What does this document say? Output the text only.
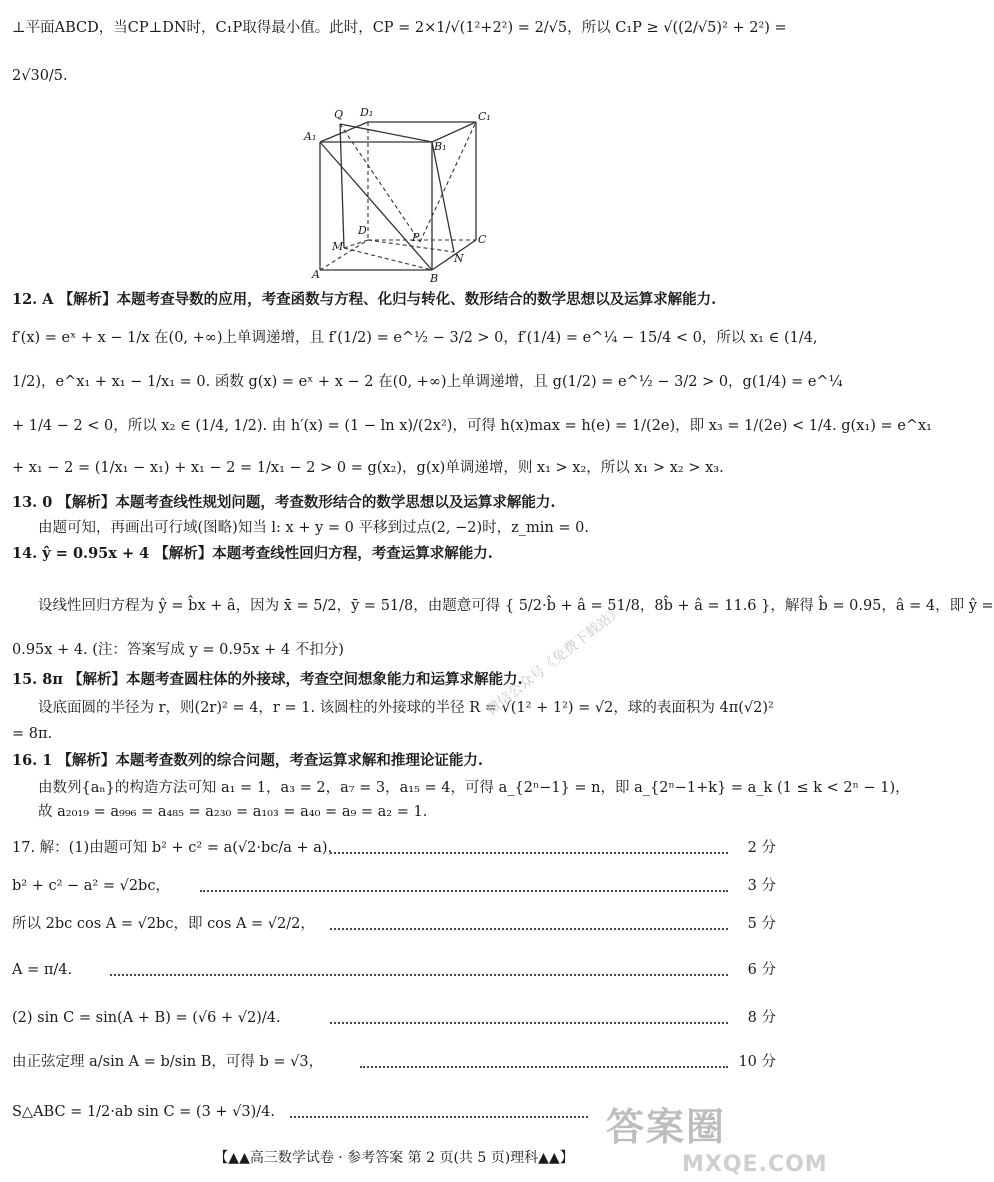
⊥平面ABCD，当CP⊥DN时，C₁P取得最小值。此时，CP = 2×1/√(1²+2²) = 2/√5，所以 C₁P ≥ √((2/√5)² + 2²) =
2√30/5.
A₁
Q D₁	C₁
B₁
M
D
P	C
A	B
N
12. A 【解析】本题考查导数的应用，考查函数与方程、化归与转化、数形结合的数学思想以及运算求解能力.
f′(x) = eˣ + x − 1/x 在(0, +∞)上单调递增，且 f′(1/2) = e^½ − 3/2 > 0，f′(1/4) = e^¼ − 15/4 < 0，所以 x₁ ∈ (1/4,
1/2)，e^x₁ + x₁ − 1/x₁ = 0. 函数 g(x) = eˣ + x − 2 在(0, +∞)上单调递增，且 g(1/2) = e^½ − 3/2 > 0，g(1/4) = e^¼
+ 1/4 − 2 < 0，所以 x₂ ∈ (1/4, 1/2). 由 h′(x) = (1 − ln x)/(2x²)，可得 h(x)max = h(e) = 1/(2e)，即 x₃ = 1/(2e) < 1/4. g(x₁) = e^x₁
+ x₁ − 2 = (1/x₁ − x₁) + x₁ − 2 = 1/x₁ − 2 > 0 = g(x₂)，g(x)单调递增，则 x₁ > x₂，所以 x₁ > x₂ > x₃.
13. 0 【解析】本题考查线性规划问题，考查数形结合的数学思想以及运算求解能力.
由题可知，再画出可行域(图略)知当 l: x + y = 0 平移到过点(2, −2)时，z_min = 0.
14. ŷ = 0.95x + 4 【解析】本题考查线性回归方程，考查运算求解能力.
设线性回归方程为 ŷ = b̂x + â，因为 x̄ = 5/2，ȳ = 51/8，由题意可得 { 5/2·b̂ + â = 51/8，8b̂ + â = 11.6 }，解得 b̂ = 0.95，â = 4，即 ŷ =
0.95x + 4. (注：答案写成 y = 0.95x + 4 不扣分)
15. 8π 【解析】本题考查圆柱体的外接球，考查空间想象能力和运算求解能力.
设底面圆的半径为 r，则(2r)² = 4，r = 1. 该圆柱的外接球的半径 R = √(1² + 1²) = √2，球的表面积为 4π(√2)²
= 8π.
16. 1 【解析】本题考查数列的综合问题，考查运算求解和推理论证能力.
由数列{aₙ}的构造方法可知 a₁ = 1，a₃ = 2，a₇ = 3，a₁₅ = 4，可得 a_{2ⁿ−1} = n，即 a_{2ⁿ−1+k} = a_k (1 ≤ k < 2ⁿ − 1)，
故 a₂₀₁₉ = a₉₉₆ = a₄₈₅ = a₂₃₀ = a₁₀₃ = a₄₀ = a₉ = a₂ = 1.
17. 解：(1)由题可知 b² + c² = a(√2·bc/a + a)，	2 分
b² + c² − a² = √2bc，	3 分
所以 2bc cos A = √2bc，即 cos A = √2/2，	5 分
A = π/4.	6 分
(2) sin C = sin(A + B) = (√6 + √2)/4.	8 分
由正弦定理 a/sin A = b/sin B，可得 b = √3，	10 分
S△ABC = 1/2·ab sin C = (3 + √3)/4.
微信公众号《免费下载站》
答案圈
MXQE.COM
【▲▲高三数学试卷 · 参考答案 第 2 页(共 5 页)理科▲▲】
